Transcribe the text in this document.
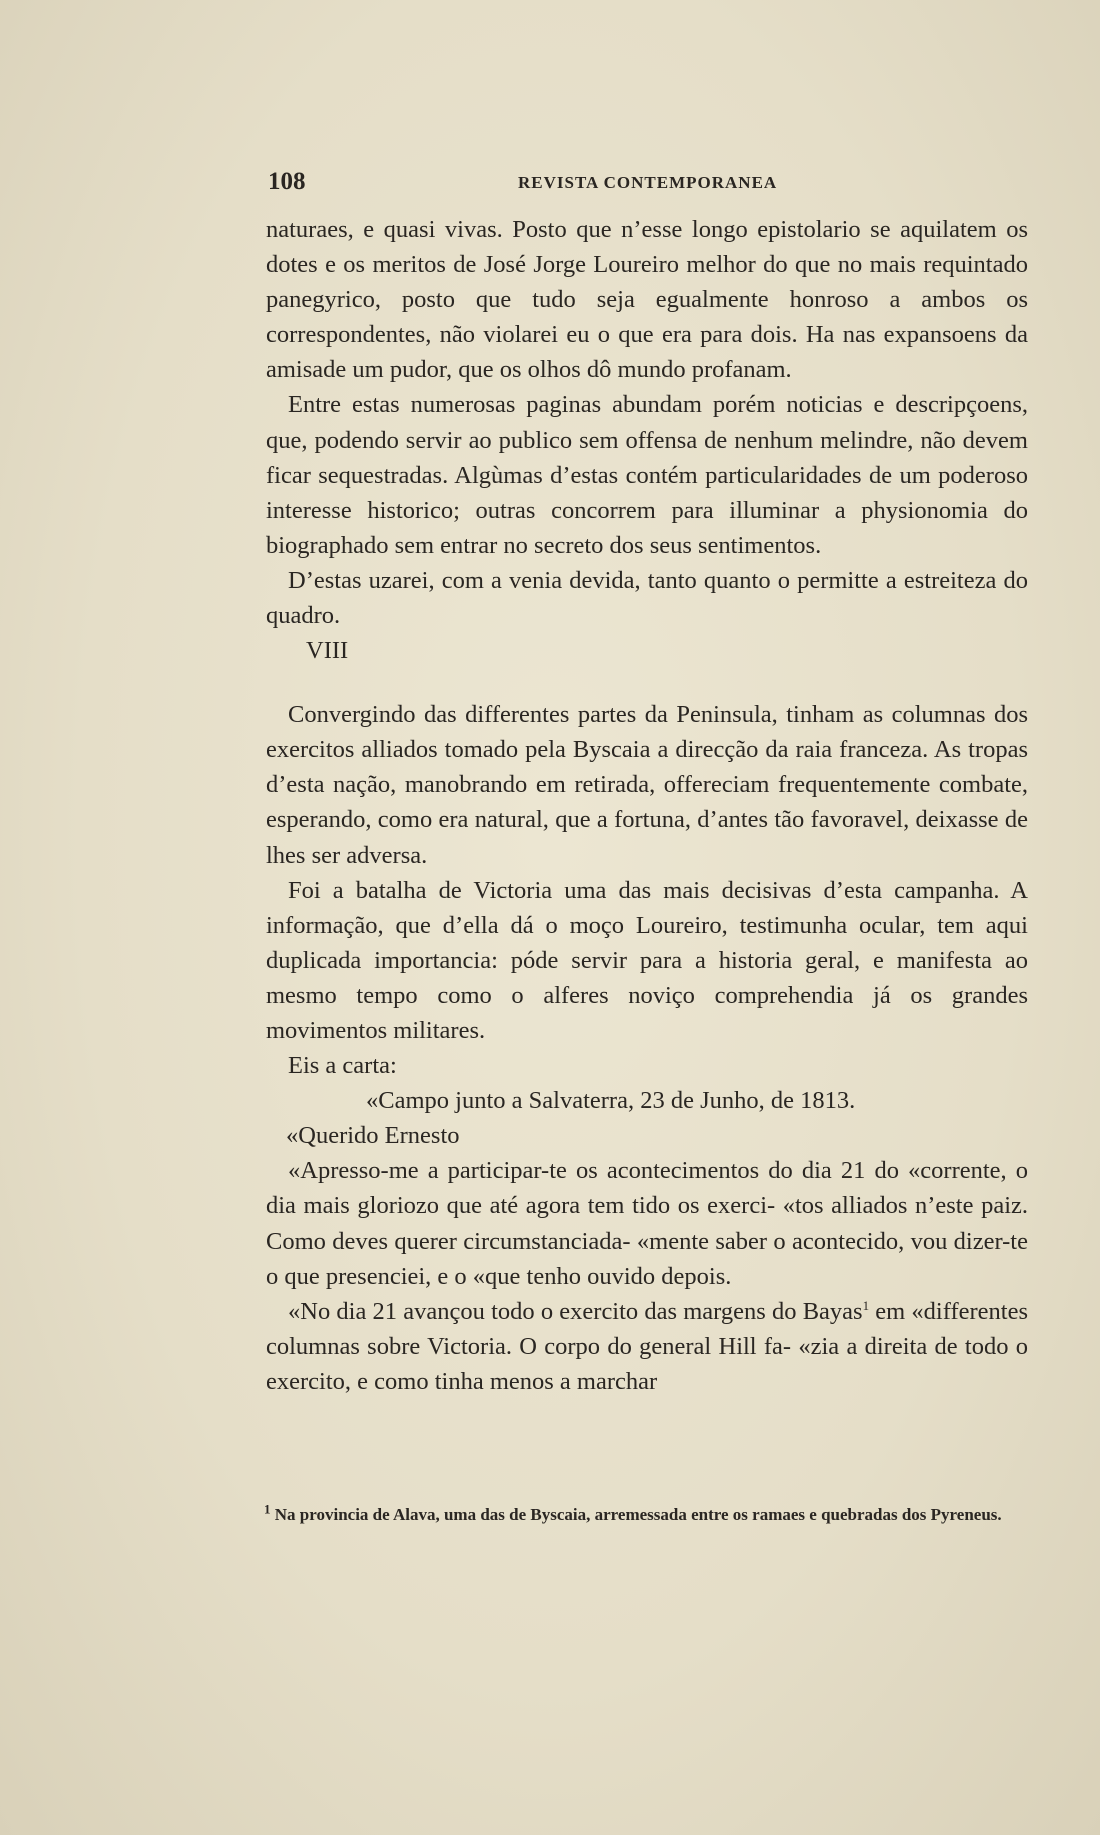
108	REVISTA CONTEMPORANEA

naturaes, e quasi vivas. Posto que n’esse longo epistolario se aquilatem os dotes e os meritos de José Jorge Loureiro melhor do que no mais requintado panegyrico, posto que tudo seja egualmente honroso a ambos os correspondentes, não violarei eu o que era para dois. Ha nas expansoens da amisade um pudor, que os olhos dô mundo profanam.

Entre estas numerosas paginas abundam porém noticias e descripçoens, que, podendo servir ao publico sem offensa de nenhum melindre, não devem ficar sequestradas. Algùmas d’estas contém particularidades de um poderoso interesse historico; outras concorrem para illuminar a physionomia do biographado sem entrar no secreto dos seus sentimentos.

D’estas uzarei, com a venia devida, tanto quanto o permitte a estreiteza do quadro.

VIII

Convergindo das differentes partes da Peninsula, tinham as columnas dos exercitos alliados tomado pela Byscaia a direcção da raia franceza. As tropas d’esta nação, manobrando em retirada, offereciam frequentemente combate, esperando, como era natural, que a fortuna, d’antes tão favoravel, deixasse de lhes ser adversa.

Foi a batalha de Victoria uma das mais decisivas d’esta campanha. A informação, que d’ella dá o moço Loureiro, testimunha ocular, tem aqui duplicada importancia: póde servir para a historia geral, e manifesta ao mesmo tempo como o alferes noviço comprehendia já os grandes movimentos militares.

Eis a carta:

«Campo junto a Salvaterra, 23 de Junho, de 1813.

«Querido Ernesto

«Apresso-me a participar-te os acontecimentos do dia 21 do «corrente, o dia mais gloriozo que até agora tem tido os exerci- «tos alliados n’este paiz. Como deves querer circumstanciada- «mente saber o acontecido, vou dizer-te o que presenciei, e o «que tenho ouvido depois.

«No dia 21 avançou todo o exercito das margens do Bayas$^1$ em «differentes columnas sobre Victoria. O corpo do general Hill fa- «zia a direita de todo o exercito, e como tinha menos a marchar

$^1$ Na provincia de Alava, uma das de Byscaia, arremessada entre os ramaes e quebradas dos Pyreneus.
